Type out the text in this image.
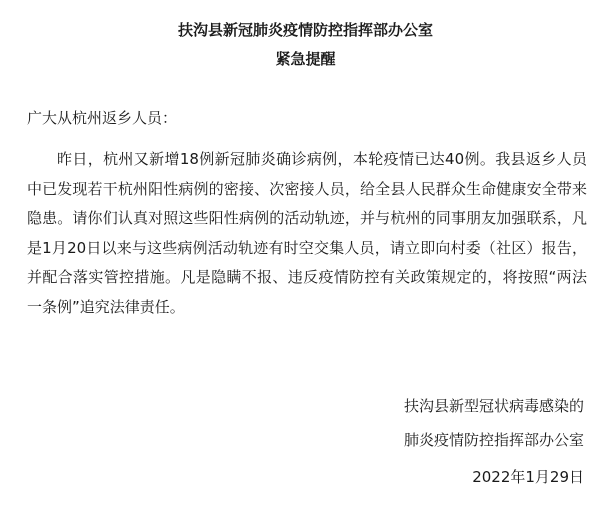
扶沟县新冠肺炎疫情防控指挥部办公室
紧急提醒
广大从杭州返乡人员：

昨日，杭州又新增18例新冠肺炎确诊病例，本轮疫情已达40例。我县返乡人员中已发现若干杭州阳性病例的密接、次密接人员，给全县人民群众生命健康安全带来隐患。请你们认真对照这些阳性病例的活动轨迹，并与杭州的同事朋友加强联系，凡是1月20日以来与这些病例活动轨迹有时空交集人员，请立即向村委（社区）报告，并配合落实管控措施。凡是隐瞒不报、违反疫情防控有关政策规定的，将按照“两法一条例”追究法律责任。

扶沟县新型冠状病毒感染的
肺炎疫情防控指挥部办公室
2022年1月29日
